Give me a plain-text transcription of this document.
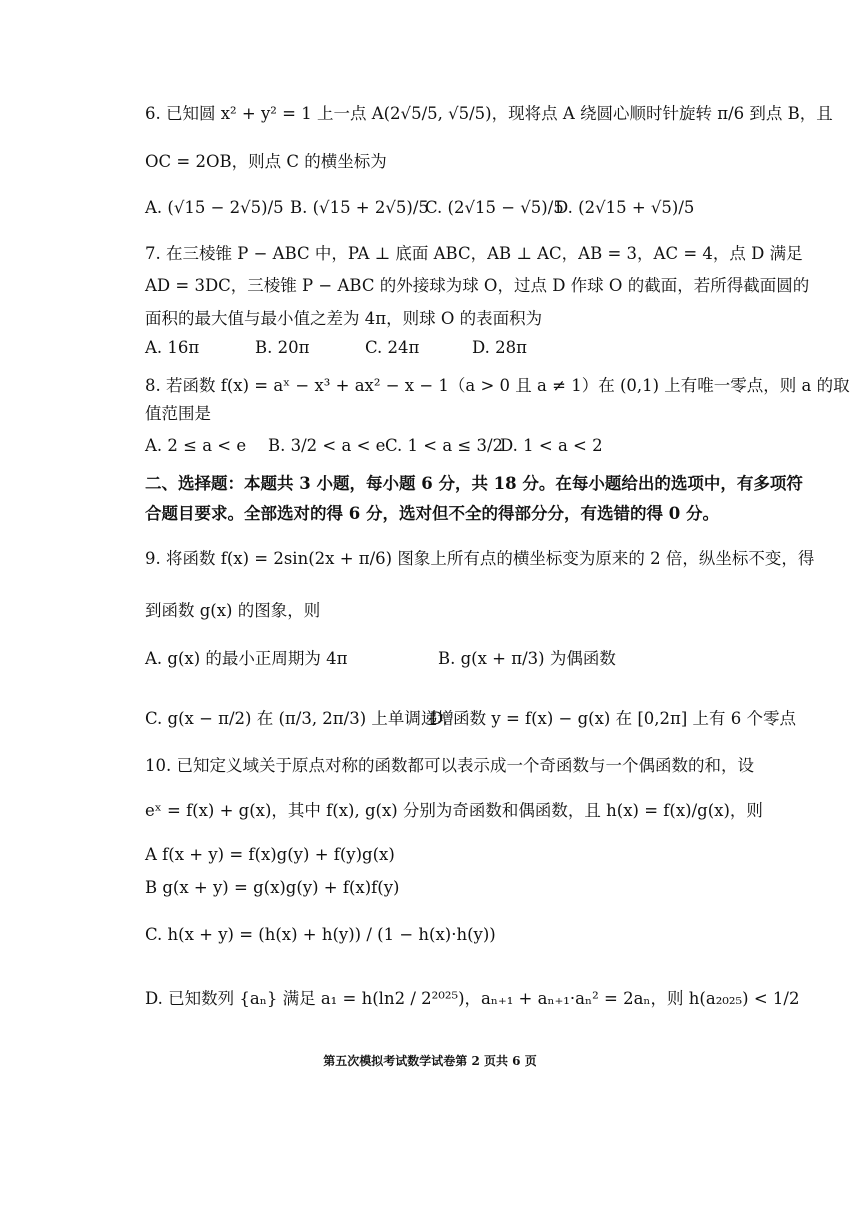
6. 已知圆 x² + y² = 1 上一点 A(2√5/5, √5/5)，现将点 A 绕圆心顺时针旋转 π/6 到点 B，且
OC = 2OB，则点 C 的横坐标为
A. (√15 − 2√5)/5 B. (√15 + 2√5)/5
C. (2√15 − √5)/5
D. (2√15 + √5)/5
7. 在三棱锥 P − ABC 中，PA ⊥ 底面 ABC，AB ⊥ AC，AB = 3，AC = 4，点 D 满足
AD = 3DC，三棱锥 P − ABC 的外接球为球 O，过点 D 作球 O 的截面，若所得截面圆的
面积的最大值与最小值之差为 4π，则球 O 的表面积为
A. 16π	B. 20π	C. 24π	D. 28π
8. 若函数 f(x) = aˣ − x³ + ax² − x − 1（a > 0 且 a ≠ 1）在 (0,1) 上有唯一零点，则 a 的取
值范围是
A. 2 ≤ a < e B. 3/2 < a < e C. 1 < a ≤ 3/2
D. 1 < a < 2
二、选择题：本题共 3 小题，每小题 6 分，共 18 分。在每小题给出的选项中，有多项符
合题目要求。全部选对的得 6 分，选对但不全的得部分分，有选错的得 0 分。
9. 将函数 f(x) = 2sin(2x + π/6) 图象上所有点的横坐标变为原来的 2 倍，纵坐标不变，得
到函数 g(x) 的图象，则
A. g(x) 的最小正周期为 4π	B. g(x + π/3) 为偶函数
C. g(x − π/2) 在 (π/3, 2π/3) 上单调递增
D. 函数 y = f(x) − g(x) 在 [0,2π] 上有 6 个零点
10. 已知定义域关于原点对称的函数都可以表示成一个奇函数与一个偶函数的和，设
eˣ = f(x) + g(x)，其中 f(x), g(x) 分别为奇函数和偶函数，且 h(x) = f(x)/g(x)，则
A f(x + y) = f(x)g(y) + f(y)g(x)
B g(x + y) = g(x)g(y) + f(x)f(y)
C. h(x + y) = (h(x) + h(y)) / (1 − h(x)·h(y))
D. 已知数列 {aₙ} 满足 a₁ = h(ln2 / 2²⁰²⁵)，aₙ₊₁ + aₙ₊₁·aₙ² = 2aₙ，则 h(a₂₀₂₅) < 1/2
第五次模拟考试数学试卷第 2 页共 6 页
